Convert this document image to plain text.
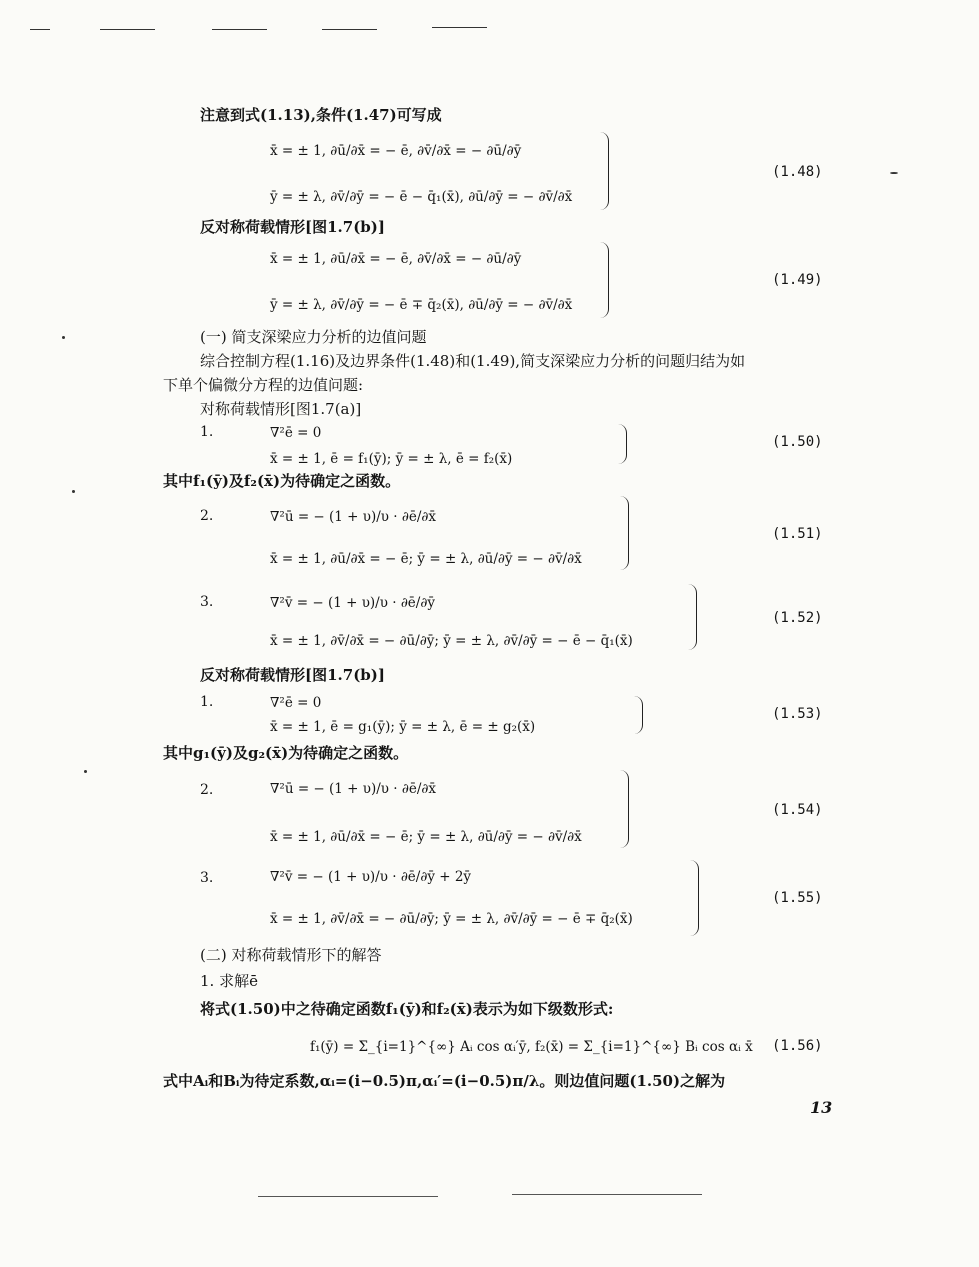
注意到式(1.13),条件(1.47)可写成
x̄ = ± 1, ∂ū/∂x̄ = − ē, ∂v̄/∂x̄ = − ∂ū/∂ȳ
ȳ = ± λ, ∂v̄/∂ȳ = − ē − q̄₁(x̄), ∂ū/∂ȳ = − ∂v̄/∂x̄
(1.48)
反对称荷载情形[图1.7(b)]
x̄ = ± 1, ∂ū/∂x̄ = − ē, ∂v̄/∂x̄ = − ∂ū/∂ȳ
ȳ = ± λ, ∂v̄/∂ȳ = − ē ∓ q̄₂(x̄), ∂ū/∂ȳ = − ∂v̄/∂x̄
(1.49)
(一) 简支深梁应力分析的边值问题
综合控制方程(1.16)及边界条件(1.48)和(1.49),简支深梁应力分析的问题归结为如
下单个偏微分方程的边值问题:
对称荷载情形[图1.7(a)]
1.	∇²ē = 0
x̄ = ± 1, ē = f₁(ȳ); ȳ = ± λ, ē = f₂(x̄)
(1.50)
其中f₁(ȳ)及f₂(x̄)为待确定之函数。
2.	∇²ū = − (1 + υ)/υ · ∂ē/∂x̄
x̄ = ± 1, ∂ū/∂x̄ = − ē; ȳ = ± λ, ∂ū/∂ȳ = − ∂v̄/∂x̄
(1.51)
3.	∇²v̄ = − (1 + υ)/υ · ∂ē/∂ȳ
x̄ = ± 1, ∂v̄/∂x̄ = − ∂ū/∂ȳ; ȳ = ± λ, ∂v̄/∂ȳ = − ē − q̄₁(x̄)
(1.52)
反对称荷载情形[图1.7(b)]
1.	∇²ē = 0
x̄ = ± 1, ē = g₁(ȳ); ȳ = ± λ, ē = ± g₂(x̄)
(1.53)
其中g₁(ȳ)及g₂(x̄)为待确定之函数。
2.	∇²ū = − (1 + υ)/υ · ∂ē/∂x̄
x̄ = ± 1, ∂ū/∂x̄ = − ē; ȳ = ± λ, ∂ū/∂ȳ = − ∂v̄/∂x̄
(1.54)
3.	∇²v̄ = − (1 + υ)/υ · ∂ē/∂ȳ + 2ȳ
x̄ = ± 1, ∂v̄/∂x̄ = − ∂ū/∂ȳ; ȳ = ± λ, ∂v̄/∂ȳ = − ē ∓ q̄₂(x̄)
(1.55)
(二) 对称荷载情形下的解答
1. 求解ē
将式(1.50)中之待确定函数f₁(ȳ)和f₂(x̄)表示为如下级数形式:
f₁(ȳ) = Σ_{i=1}^{∞} Aᵢ cos αᵢ′ȳ, f₂(x̄) = Σ_{i=1}^{∞} Bᵢ cos αᵢ x̄ (1.56)
式中Aᵢ和Bᵢ为待定系数,αᵢ=(i−0.5)π,αᵢ′=(i−0.5)π/λ。则边值问题(1.50)之解为
13
